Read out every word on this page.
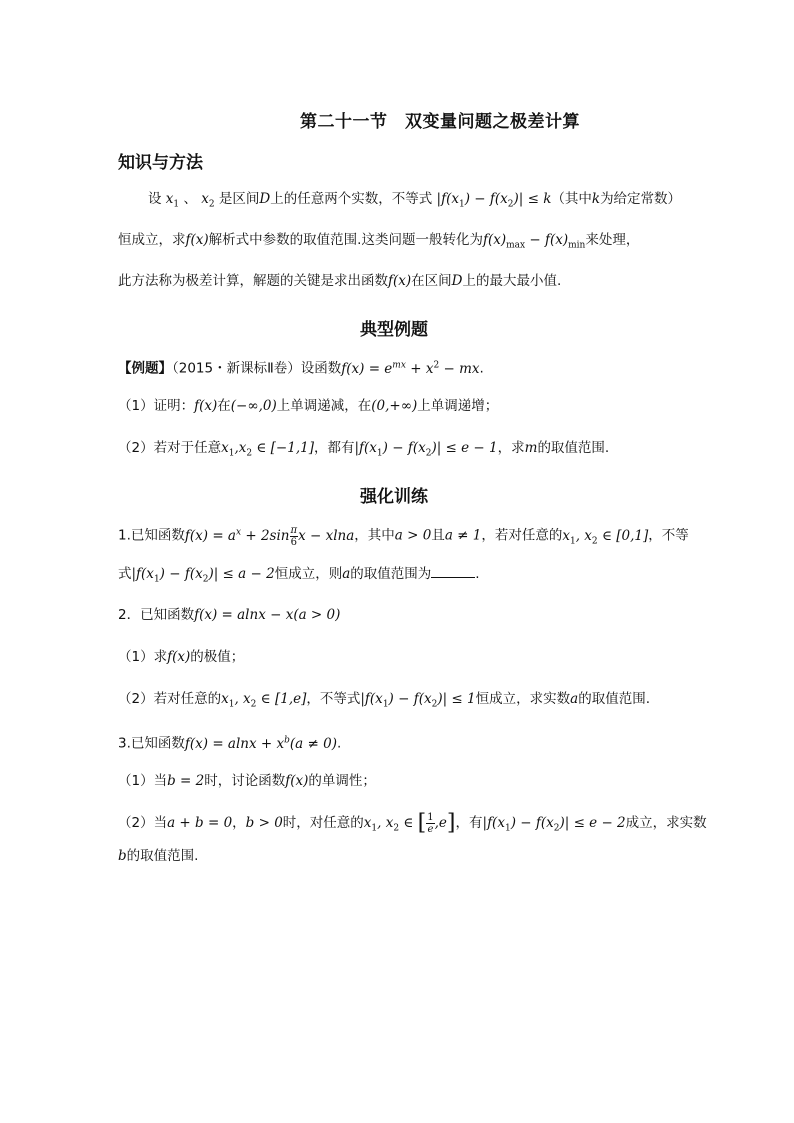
第二十一节　双变量问题之极差计算
知识与方法
设 $x_1$ 、 $x_2$ 是区间D上的任意两个实数，不等式 $|f(x_1) - f(x_2)| \le k$（其中k为给定常数）
恒成立，求f(x)解析式中参数的取值范围.这类问题一般转化为$f(x)_{max} - f(x)_{min}$来处理，
此方法称为极差计算，解题的关键是求出函数f(x)在区间D上的最大最小值.
典型例题
【例题】（2015・新课标Ⅱ卷）设函数$f(x) = e^{mx} + x^2$ − mx.
（1）证明：f(x)在(−∞,0)上单调递减，在(0,+∞)上单调递增；
（2）若对于任意$x_1,x_2$ ∈ [−1,1]，都有$|f(x_1) - f(x_2)| \le e - 1$，求m的取值范围.
强化训练
1.已知函数$f(x) = a^x + 2\sin \frac{\pi}{6}$ x − xlna，其中a > 0且a ≠ 1，若对任意的$x_1$, $x_2$ ∈ [0,1]，不等
式$|f(x_1) - f(x_2)| \le a - 2$恒成立，则a的取值范围为	.
2．已知函数f(x) = alnx − x(a > 0)
（1）求f(x)的极值；
（2）若对任意的$x_1$, $x_2$ ∈ [1,e]，不等式$|f(x_1) - f(x_2)| \le 1$恒成立，求实数a的取值范围.
3.已知函数$f(x) = alnx + x^b(a \ne 0)$.
（1）当b = 2时，讨论函数f(x)的单调性；
（2）当a + b = 0，b > 0时，对任意的$x_1$, $x_2$ ∈ [ $\frac{1}{e} ,e$]，有$|f(x_1) - f(x_2)| \le e - 2$成立，求实数
b的取值范围.
